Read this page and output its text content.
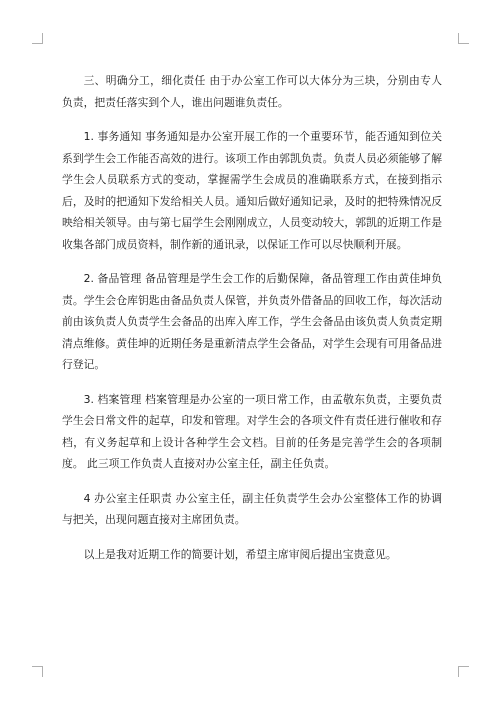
三、明确分工，细化责任 由于办公室工作可以大体分为三块，分别由专人负责，把责任落实到个人，谁出问题谁负责任。

1. 事务通知 事务通知是办公室开展工作的一个重要环节，能否通知到位关系到学生会工作能否高效的进行。该项工作由郭凯负责。负责人员必须能够了解学生会人员联系方式的变动，掌握需学生会成员的准确联系方式，在接到指示后，及时的把通知下发给相关人员。通知后做好通知记录，及时的把特殊情况反映给相关领导。由与第七届学生会刚刚成立，人员变动较大，郭凯的近期工作是收集各部门成员资料，制作新的通讯录，以保证工作可以尽快顺利开展。

2. 备品管理 备品管理是学生会工作的后勤保障，备品管理工作由黄佳坤负责。学生会仓库钥匙由备品负责人保管，并负责外借备品的回收工作，每次活动前由该负责人负责学生会备品的出库入库工作，学生会备品由该负责人负责定期清点维修。黄佳坤的近期任务是重新清点学生会备品，对学生会现有可用备品进行登记。

3. 档案管理 档案管理是办公室的一项日常工作，由孟敬东负责，主要负责学生会日常文件的起草，印发和管理。对学生会的各项文件有责任进行催收和存档，有义务起草和上设计各种学生会文档。目前的任务是完善学生会的各项制度。 此三项工作负责人直接对办公室主任，副主任负责。

4 办公室主任职责 办公室主任，副主任负责学生会办公室整体工作的协调与把关，出现问题直接对主席团负责。

以上是我对近期工作的简要计划，希望主席审阅后提出宝贵意见。
